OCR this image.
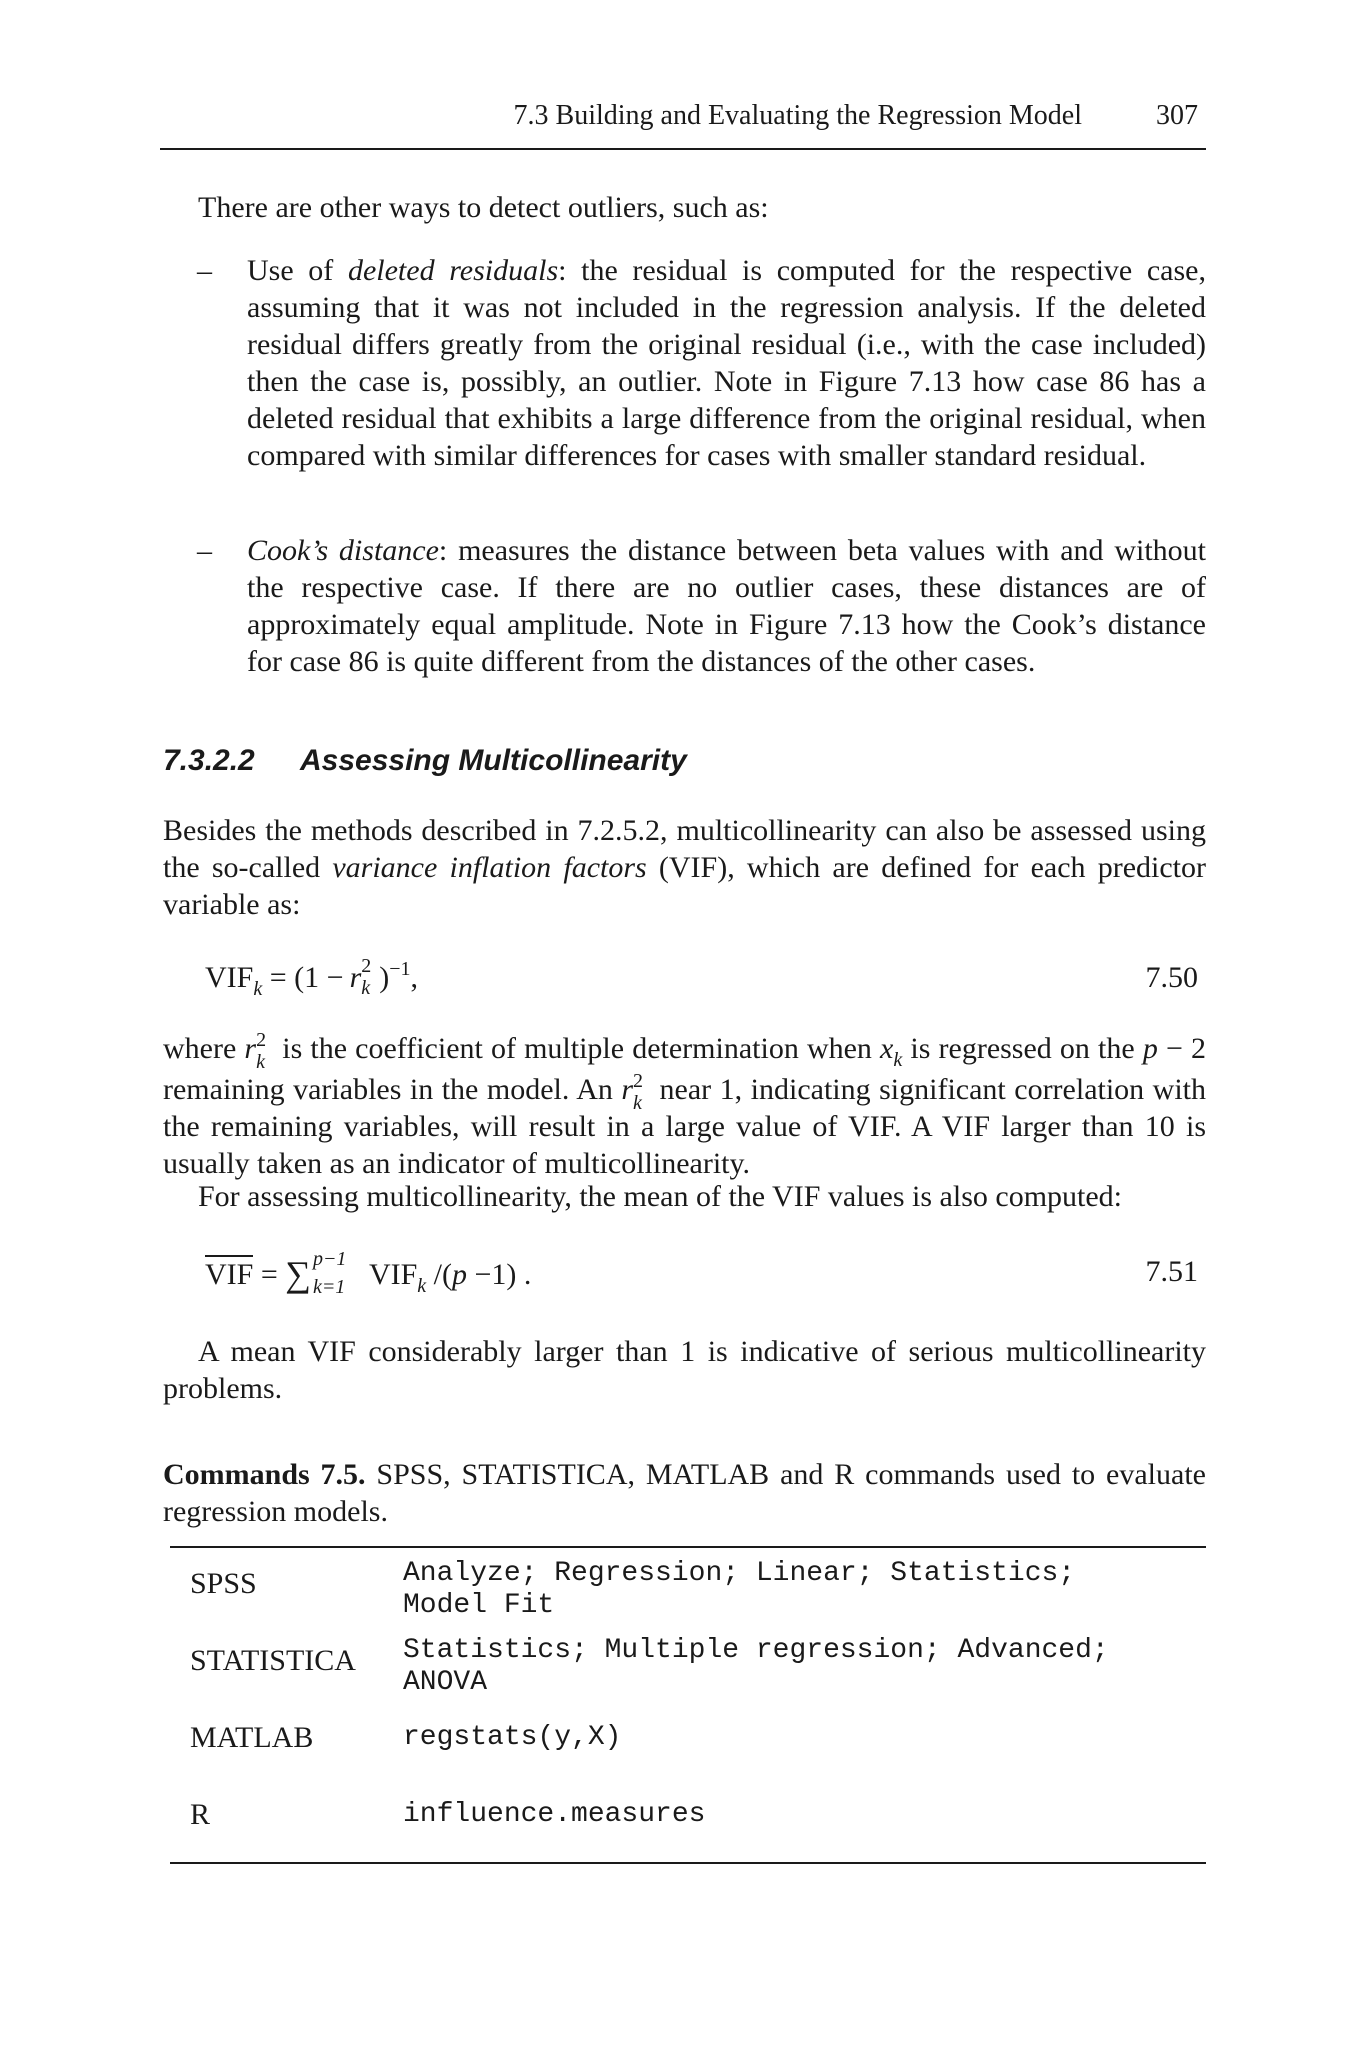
7.3 Building and Evaluating the Regression Model	307
There are other ways to detect outliers, such as:
– Use of deleted residuals: the residual is computed for the respective case, assuming that it was not included in the regression analysis. If the deleted residual differs greatly from the original residual (i.e., with the case included) then the case is, possibly, an outlier. Note in Figure 7.13 how case 86 has a deleted residual that exhibits a large difference from the original residual, when compared with similar differences for cases with smaller standard residual.
– Cook’s distance: measures the distance between beta values with and without the respective case. If there are no outlier cases, these distances are of approximately equal amplitude. Note in Figure 7.13 how the Cook’s distance for case 86 is quite different from the distances of the other cases.
7.3.2.2 Assessing Multicollinearity
Besides the methods described in 7.2.5.2, multicollinearity can also be assessed using the so-called variance inflation factors (VIF), which are defined for each predictor variable as:
$VIF_k = (1 - r$ 2
k )$^{-1}$,	7.50
where r 2
k is the coefficient of multiple determination when $x_k$ is regressed on the p − 2 remaining variables in the model. An r 2
k near 1, indicating significant correlation with the remaining variables, will result in a large value of VIF. A VIF larger than 10 is usually taken as an indicator of multicollinearity.
For assessing multicollinearity, the mean of the VIF values is also computed:
VIF = ∑ p−1
k=1 $VIF_k$ /(p −1) .	7.51
A mean VIF considerably larger than 1 is indicative of serious multicollinearity problems.
Commands 7.5. SPSS, STATISTICA, MATLAB and R commands used to evaluate regression models.
SPSS	Analyze; Regression; Linear; Statistics;
Model Fit
STATISTICA Statistics; Multiple regression; Advanced;
ANOVA
MATLAB	regstats(y,X)
R	influence.measures
